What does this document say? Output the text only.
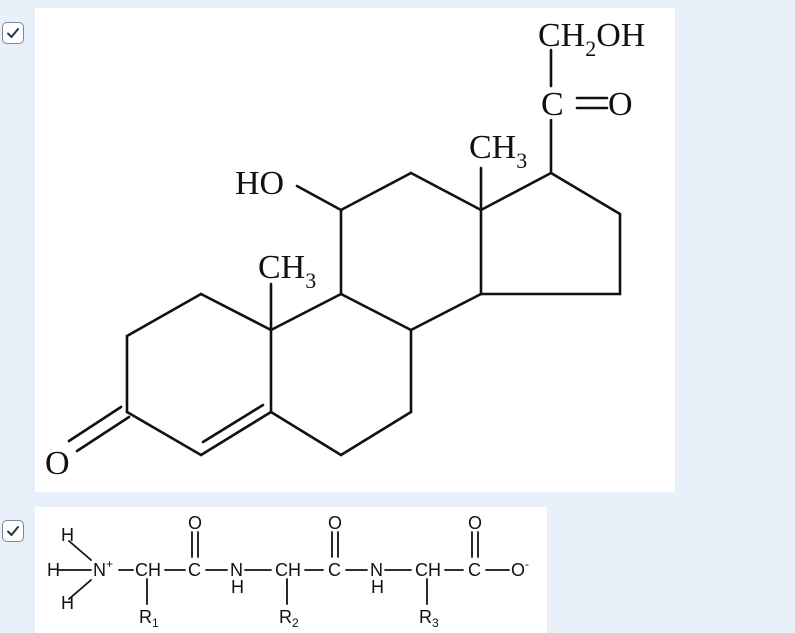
$CH_2OH$
C O
$CH_3$
HO
$CH_3$
O
H
H
H
N+ CH C
O
N
H
CH C
O
N
H
CH C
O
O-
$R_1$	$R_2$	$R_3$
